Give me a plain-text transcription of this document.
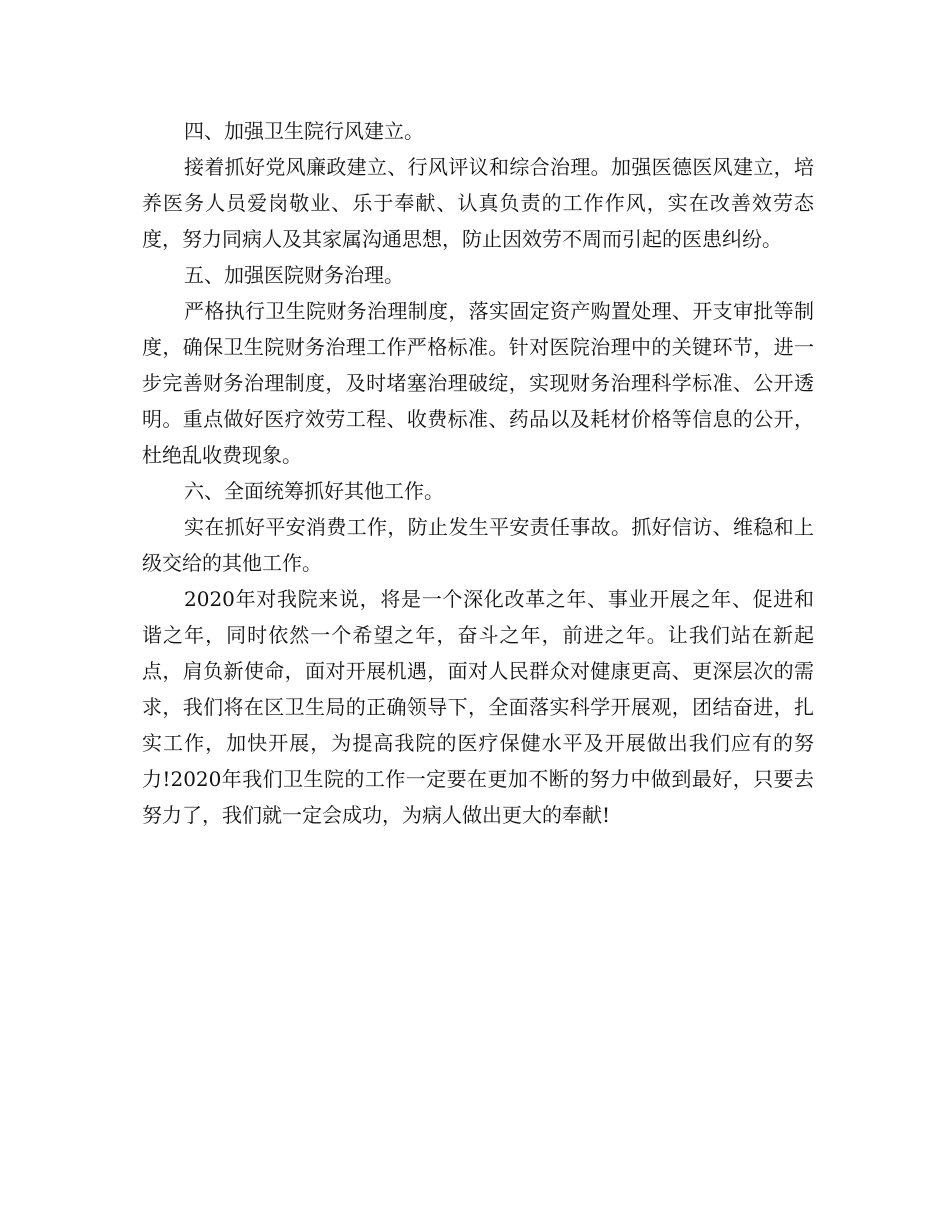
四、加强卫生院行风建立。

接着抓好党风廉政建立、行风评议和综合治理。加强医德医风建立，培养医务人员爱岗敬业、乐于奉献、认真负责的工作作风，实在改善效劳态度，努力同病人及其家属沟通思想，防止因效劳不周而引起的医患纠纷。

五、加强医院财务治理。

严格执行卫生院财务治理制度，落实固定资产购置处理、开支审批等制度，确保卫生院财务治理工作严格标准。针对医院治理中的关键环节，进一步完善财务治理制度，及时堵塞治理破绽，实现财务治理科学标准、公开透明。重点做好医疗效劳工程、收费标准、药品以及耗材价格等信息的公开，杜绝乱收费现象。

六、全面统筹抓好其他工作。

实在抓好平安消费工作，防止发生平安责任事故。抓好信访、维稳和上级交给的其他工作。

2020年对我院来说，将是一个深化改革之年、事业开展之年、促进和谐之年，同时依然一个希望之年，奋斗之年，前进之年。让我们站在新起点，肩负新使命，面对开展机遇，面对人民群众对健康更高、更深层次的需求，我们将在区卫生局的正确领导下，全面落实科学开展观，团结奋进，扎实工作，加快开展，为提高我院的医疗保健水平及开展做出我们应有的努力!2020年我们卫生院的工作一定要在更加不断的努力中做到最好，只要去努力了，我们就一定会成功，为病人做出更大的奉献!
